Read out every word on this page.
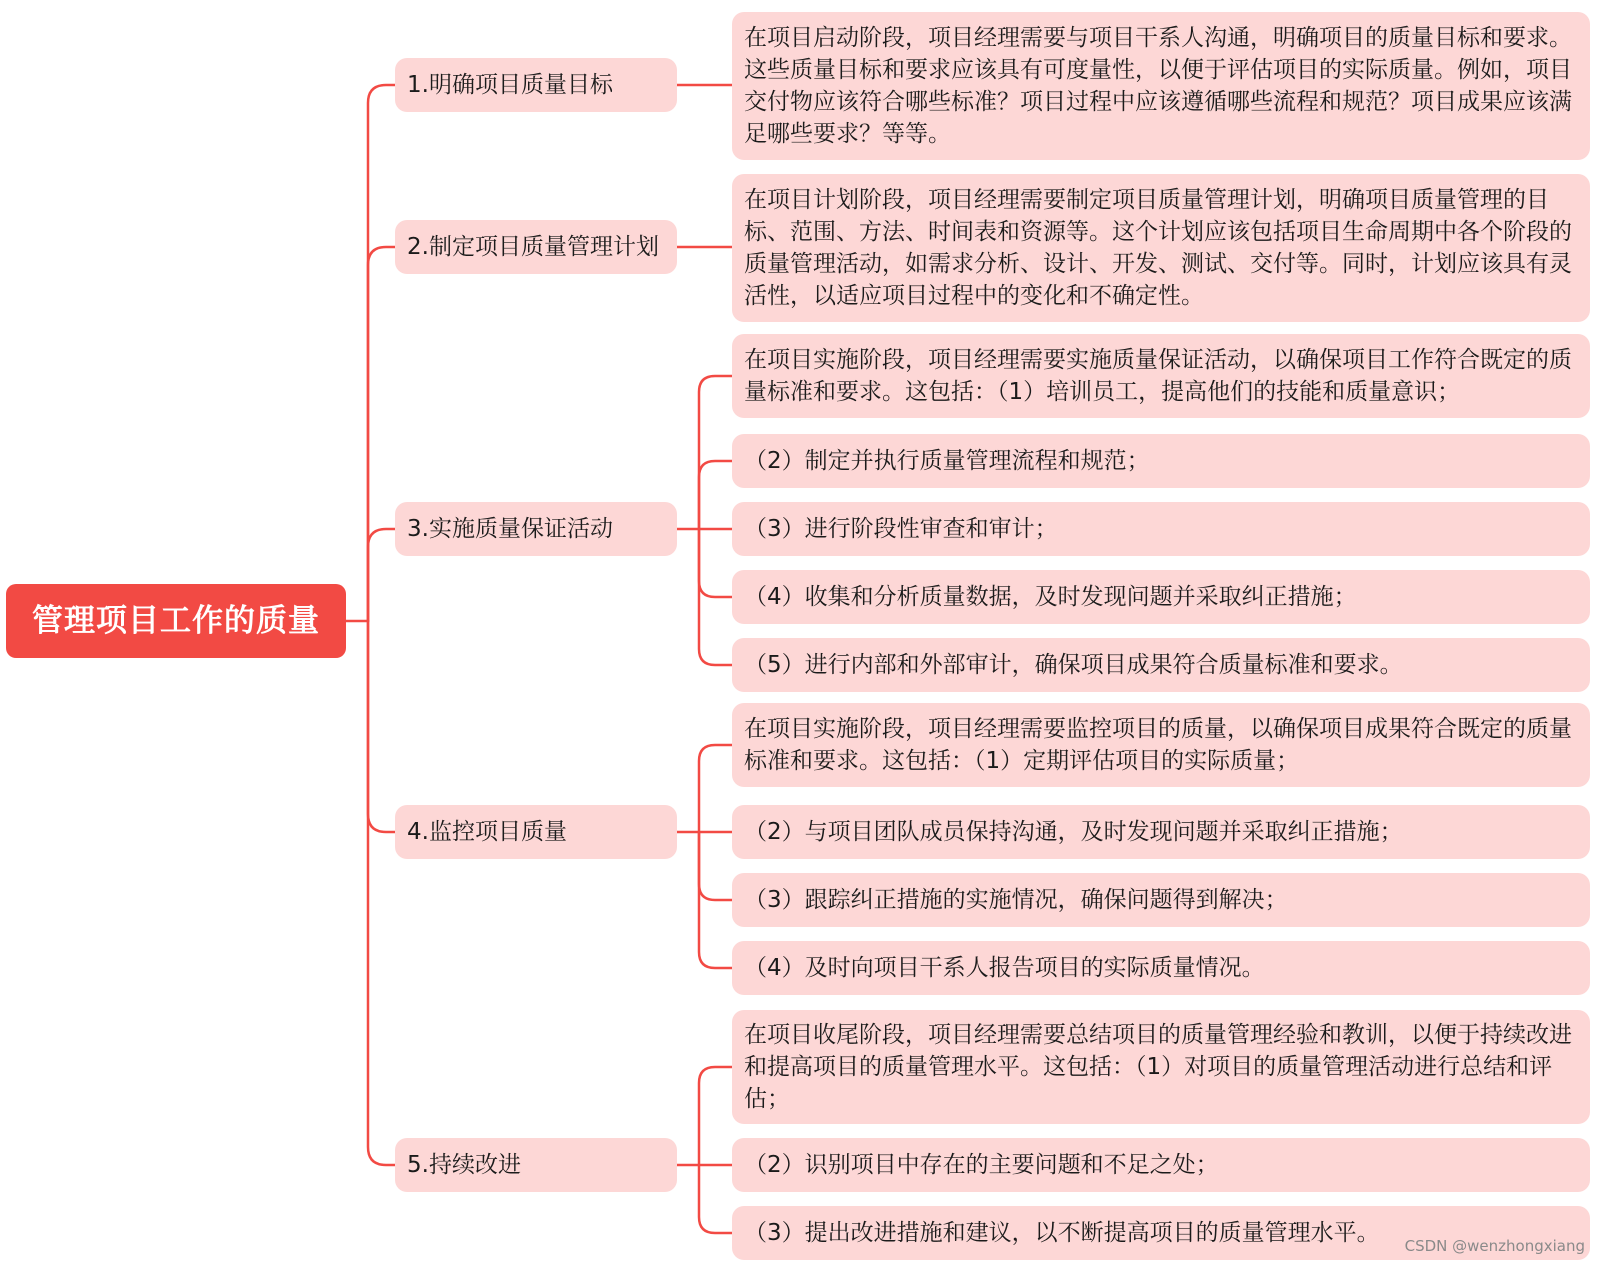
管理项目工作的质量
1.明确项目质量目标
2.制定项目质量管理计划
3.实施质量保证活动
4.监控项目质量
5.持续改进
在项目启动阶段，项目经理需要与项目干系人沟通，明确项目的质量目标和要求。这些质量目标和要求应该具有可度量性，以便于评估项目的实际质量。例如，项目交付物应该符合哪些标准？项目过程中应该遵循哪些流程和规范？项目成果应该满足哪些要求？等等。
在项目计划阶段，项目经理需要制定项目质量管理计划，明确项目质量管理的目标、范围、方法、时间表和资源等。这个计划应该包括项目生命周期中各个阶段的质量管理活动，如需求分析、设计、开发、测试、交付等。同时，计划应该具有灵活性，以适应项目过程中的变化和不确定性。
在项目实施阶段，项目经理需要实施质量保证活动，以确保项目工作符合既定的质量标准和要求。这包括：（1）培训员工，提高他们的技能和质量意识；
（2）制定并执行质量管理流程和规范；
（3）进行阶段性审查和审计；
（4）收集和分析质量数据，及时发现问题并采取纠正措施；
（5）进行内部和外部审计，确保项目成果符合质量标准和要求。
在项目实施阶段，项目经理需要监控项目的质量，以确保项目成果符合既定的质量标准和要求。这包括：（1）定期评估项目的实际质量；
（2）与项目团队成员保持沟通，及时发现问题并采取纠正措施；
（3）跟踪纠正措施的实施情况，确保问题得到解决；
（4）及时向项目干系人报告项目的实际质量情况。
在项目收尾阶段，项目经理需要总结项目的质量管理经验和教训，以便于持续改进和提高项目的质量管理水平。这包括：（1）对项目的质量管理活动进行总结和评估；
（2）识别项目中存在的主要问题和不足之处；
（3）提出改进措施和建议，以不断提高项目的质量管理水平。 CSDN @wenzhongxiang
